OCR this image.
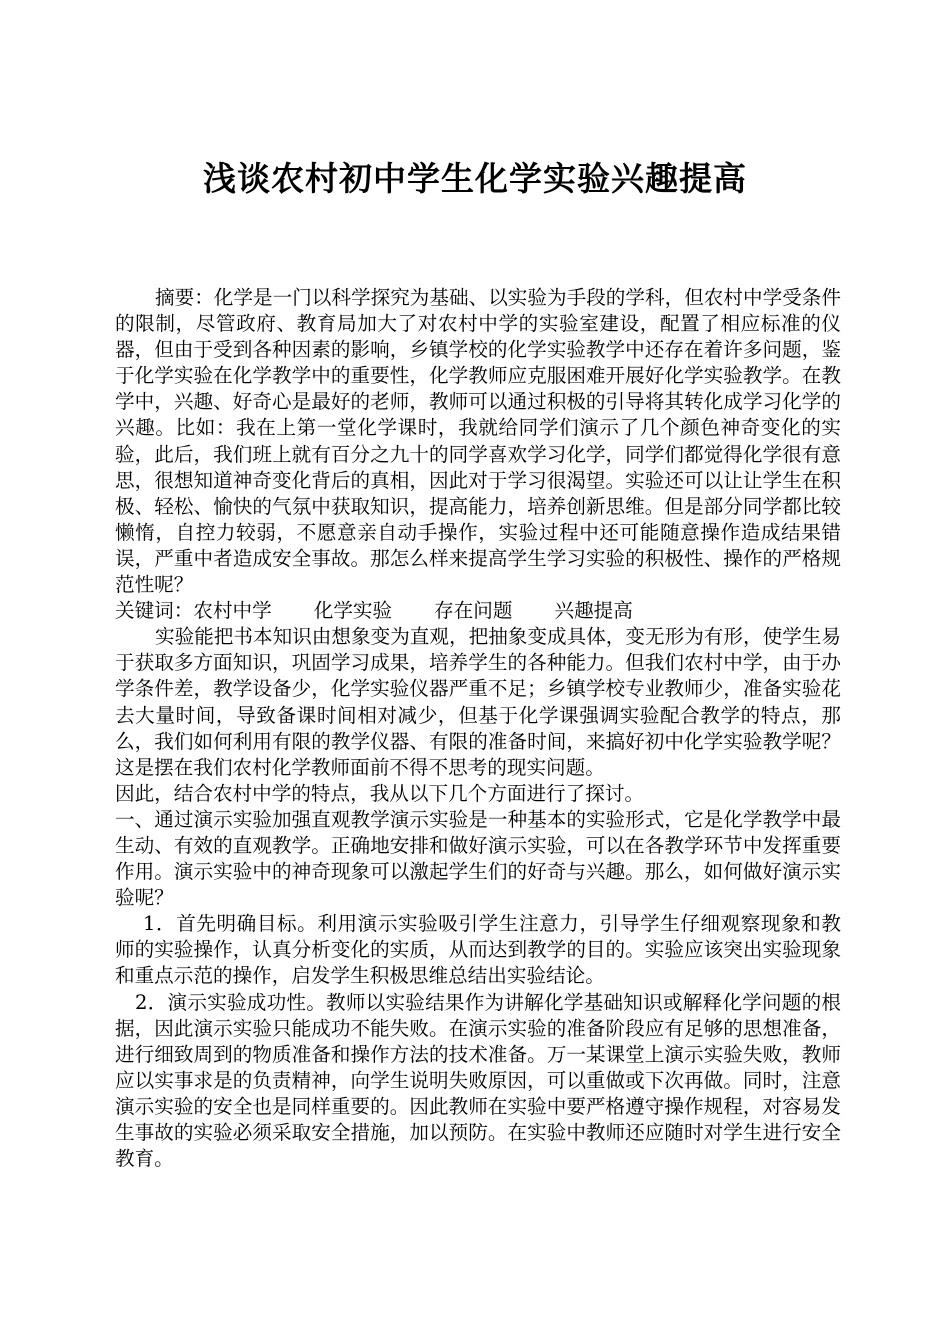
浅谈农村初中学生化学实验兴趣提高

摘要：化学是一门以科学探究为基础、以实验为手段的学科，但农村中学受条件的限制，尽管政府、教育局加大了对农村中学的实验室建设，配置了相应标准的仪器，但由于受到各种因素的影响，乡镇学校的化学实验教学中还存在着许多问题，鉴于化学实验在化学教学中的重要性，化学教师应克服困难开展好化学实验教学。在教学中，兴趣、好奇心是最好的老师，教师可以通过积极的引导将其转化成学习化学的兴趣。比如：我在上第一堂化学课时，我就给同学们演示了几个颜色神奇变化的实验，此后，我们班上就有百分之九十的同学喜欢学习化学，同学们都觉得化学很有意思，很想知道神奇变化背后的真相，因此对于学习很渴望。实验还可以让让学生在积极、轻松、愉快的气氛中获取知识，提高能力，培养创新思维。但是部分同学都比较懒惰，自控力较弱，不愿意亲自动手操作，实验过程中还可能随意操作造成结果错误，严重中者造成安全事故。那怎么样来提高学生学习实验的积极性、操作的严格规范性呢？

关键词：农村中学 化学实验 存在问题 兴趣提高

实验能把书本知识由想象变为直观，把抽象变成具体，变无形为有形，使学生易于获取多方面知识，巩固学习成果，培养学生的各种能力。但我们农村中学，由于办学条件差，教学设备少，化学实验仪器严重不足；乡镇学校专业教师少，准备实验花去大量时间，导致备课时间相对减少，但基于化学课强调实验配合教学的特点，那么，我们如何利用有限的教学仪器、有限的准备时间，来搞好初中化学实验教学呢？这是摆在我们农村化学教师面前不得不思考的现实问题。

因此，结合农村中学的特点，我从以下几个方面进行了探讨。

一、通过演示实验加强直观教学演示实验是一种基本的实验形式，它是化学教学中最生动、有效的直观教学。正确地安排和做好演示实验，可以在各教学环节中发挥重要作用。演示实验中的神奇现象可以激起学生们的好奇与兴趣。那么，如何做好演示实验呢？

1．首先明确目标。利用演示实验吸引学生注意力，引导学生仔细观察现象和教师的实验操作，认真分析变化的实质，从而达到教学的目的。实验应该突出实验现象和重点示范的操作，启发学生积极思维总结出实验结论。

2．演示实验成功性。教师以实验结果作为讲解化学基础知识或解释化学问题的根据，因此演示实验只能成功不能失败。在演示实验的准备阶段应有足够的思想准备，进行细致周到的物质准备和操作方法的技术准备。万一某课堂上演示实验失败，教师应以实事求是的负责精神，向学生说明失败原因，可以重做或下次再做。同时，注意演示实验的安全也是同样重要的。因此教师在实验中要严格遵守操作规程，对容易发生事故的实验必须采取安全措施，加以预防。在实验中教师还应随时对学生进行安全教育。
